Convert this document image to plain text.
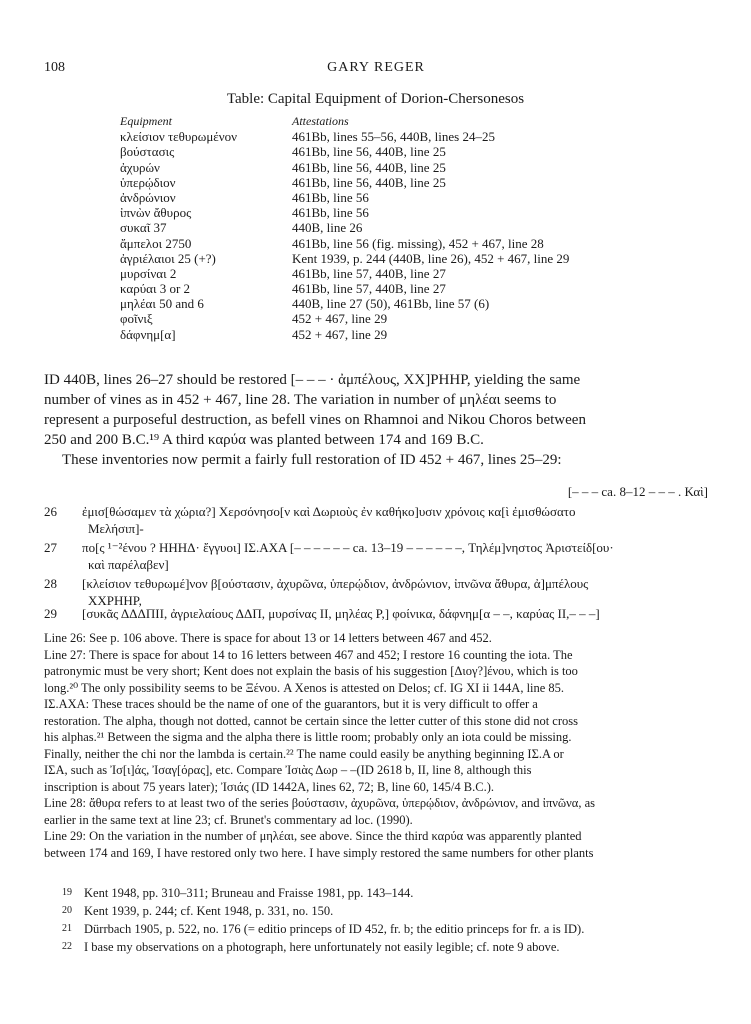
108	GARY REGER
Table: Capital Equipment of Dorion-Chersonesos
Equipment	Attestations
κλείσιον τεθυρωμένον	461Bb, lines 55–56, 440B, lines 24–25
βούστασις	461Bb, line 56, 440B, line 25
ἀχυρών	461Bb, line 56, 440B, line 25
ὑπερῴδιον	461Bb, line 56, 440B, line 25
ἀνδρώνιον	461Bb, line 56
ἰπνὼν ἄθυρος	461Bb, line 56
συκαῖ 37	440B, line 26
ἄμπελοι 2750	461Bb, line 56 (fig. missing), 452 + 467, line 28
ἀγριέλαιοι 25 (+?)	Kent 1939, p. 244 (440B, line 26), 452 + 467, line 29
μυρσίναι 2	461Bb, line 57, 440B, line 27
καρύαι 3 or 2	461Bb, line 57, 440B, line 27
μηλέαι 50 and 6	440B, line 27 (50), 461Bb, line 57 (6)
φοῖνιξ	452 + 467, line 29
δάφνημ[α]	452 + 467, line 29
ID 440B, lines 26–27 should be restored [– – – · ἀμπέλους, ΧΧ]ΡΗΗΡ, yielding the same
number of vines as in 452 + 467, line 28. The variation in number of μηλέαι seems to
represent a purposeful destruction, as befell vines on Rhamnoi and Nikou Choros between
250 and 200 B.C.¹⁹ A third καρύα was planted between 174 and 169 B.C.
These inventories now permit a fairly full restoration of ID 452 + 467, lines 25–29:
[– – – ca. 8–12 – – – . Καὶ]
26 ἐμισ[θώσαμεν τὰ χώρια?] Χερσόνησο[ν καὶ Δωριοὺς ἐν καθήκο]υσιν χρόνοις κα[ὶ ἐμισθώσατο
Μελήσιπ]-
27 πο[ς ¹⁻²ένου ? ΗΗΗΔ· ἔγγυοι] ΙΣ.ΑΧΑ [– – – – – – ca. 13–19 – – – – – –, Τηλέμ]νηστος Ἀριστείδ[ου·
καὶ παρέλαβεν]
28 [κλείσιον τεθυρωμέ]νον β[ούστασιν, ἀχυρῶνα, ὑπερῴδιον, ἀνδρώνιον, ἰπνῶνα ἄθυρα, ἀ]μπέλους
ΧΧΡΗΗΡ,
29 [συκᾶς ΔΔΔΠΙΙ, ἀγριελαίους ΔΔΠ, μυρσίνας ΙΙ, μηλέας Ρ,] φοίνικα, δάφνημ[α – –, καρύας ΙΙ,– – –]
Line 26: See p. 106 above. There is space for about 13 or 14 letters between 467 and 452.
Line 27: There is space for about 14 to 16 letters between 467 and 452; I restore 16 counting the iota. The
patronymic must be very short; Kent does not explain the basis of his suggestion [Διογ?]ένου, which is too
long.²⁰ The only possibility seems to be Ξένου. A Xenos is attested on Delos; cf. IG XI ii 144A, line 85.
ΙΣ.ΑΧΑ: These traces should be the name of one of the guarantors, but it is very difficult to offer a
restoration. The alpha, though not dotted, cannot be certain since the letter cutter of this stone did not cross
his alphas.²¹ Between the sigma and the alpha there is little room; probably only an iota could be missing.
Finally, neither the chi nor the lambda is certain.²² The name could easily be anything beginning ΙΣ.Α or
ΙΣΑ, such as Ἰσ[ι]άς, Ἰσαγ[όρας], etc. Compare Ἰσιὰς Δωρ – –(ID 2618 b, II, line 8, although this
inscription is about 75 years later); Ἰσιάς (ID 1442A, lines 62, 72; B, line 60, 145/4 B.C.).
Line 28: ἄθυρα refers to at least two of the series βούστασιν, ἀχυρῶνα, ὑπερῴδιον, ἀνδρώνιον, and ἰπνῶνα, as
earlier in the same text at line 23; cf. Brunet's commentary ad loc. (1990).
Line 29: On the variation in the number of μηλέαι, see above. Since the third καρύα was apparently planted
between 174 and 169, I have restored only two here. I have simply restored the same numbers for other plants
19 Kent 1948, pp. 310–311; Bruneau and Fraisse 1981, pp. 143–144.
20 Kent 1939, p. 244; cf. Kent 1948, p. 331, no. 150.
21 Dürrbach 1905, p. 522, no. 176 (= editio princeps of ID 452, fr. b; the editio princeps for fr. a is ID).
22 I base my observations on a photograph, here unfortunately not easily legible; cf. note 9 above.
